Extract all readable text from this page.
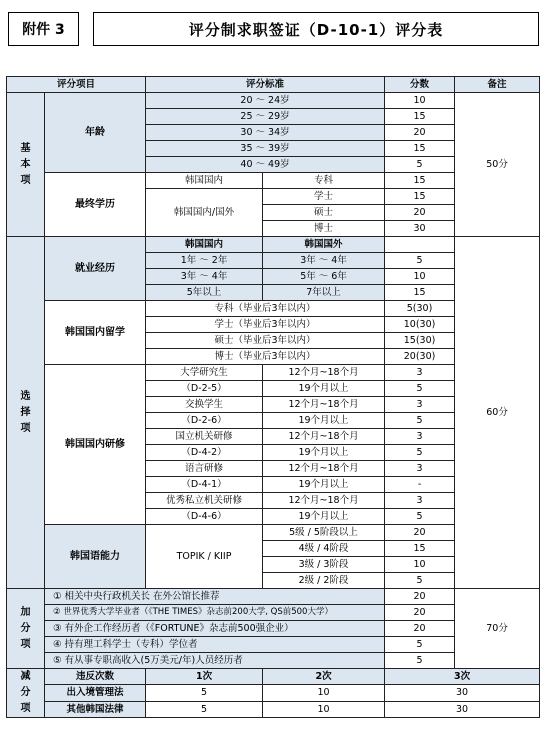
附件 3	评分制求职签证（D-10-1）评分表
评分项目		评分标准		分数	备注

基
本
项	年龄	20 ～ 24岁		10	50分
		25 ～ 29岁		15	
		30 ～ 34岁		20	
		35 ～ 39岁		15	
		40 ～ 49岁		5	
	最终学历	韩国国内	专科	15	
		韩国国内/国外	学士	15	
			硕士	20	
			博士	30	

选
择
项	就业经历	韩国国内	韩国国外		60分
		1年 ～ 2年	3年 ～ 4年	5	
		3年 ～ 4年	5年 ～ 6年	10	
		5年以上	7年以上	15	
	韩国国内留学	专科（毕业后3年以内）		5(30)	
		学士（毕业后3年以内）		10(30)	
		硕士（毕业后3年以内）		15(30)	
		博士（毕业后3年以内）		20(30)	
	韩国国内研修	大学研究生	12个月~18个月	3	
		（D-2-5）	19个月以上	5	
		交换学生	12个月~18个月	3	
		（D-2-6）	19个月以上	5	
		国立机关研修	12个月~18个月	3	
		（D-4-2）	19个月以上	5	
		语言研修	12个月~18个月	3	
		（D-4-1）	19个月以上	-	
		优秀私立机关研修	12个月~18个月	3	
		（D-4-6）	19个月以上	5	
	韩国语能力	TOPIK / KIIP	5级 / 5阶段以上	20	
			4级 / 4阶段	15	
			3级 / 3阶段	10	
			2级 / 2阶段	5	

加
分
项	① 相关中央行政机关长 在外公馆长推荐			20	70分
	② 世界优秀大学毕业者（《THE TIMES》杂志前200大学, QS前500大学）			20	
	③ 有外企工作经历者（《FORTUNE》杂志前500强企业）			20	
	④ 持有理工科学士（专科）学位者			5	
	⑤ 有从事专职高收入(5万美元/年)人员经历者			5	

减
分
项	违反次数	1次	2次	3次	
	出入境管理法	5	10	30	
	其他韩国法律	5	10	30	
